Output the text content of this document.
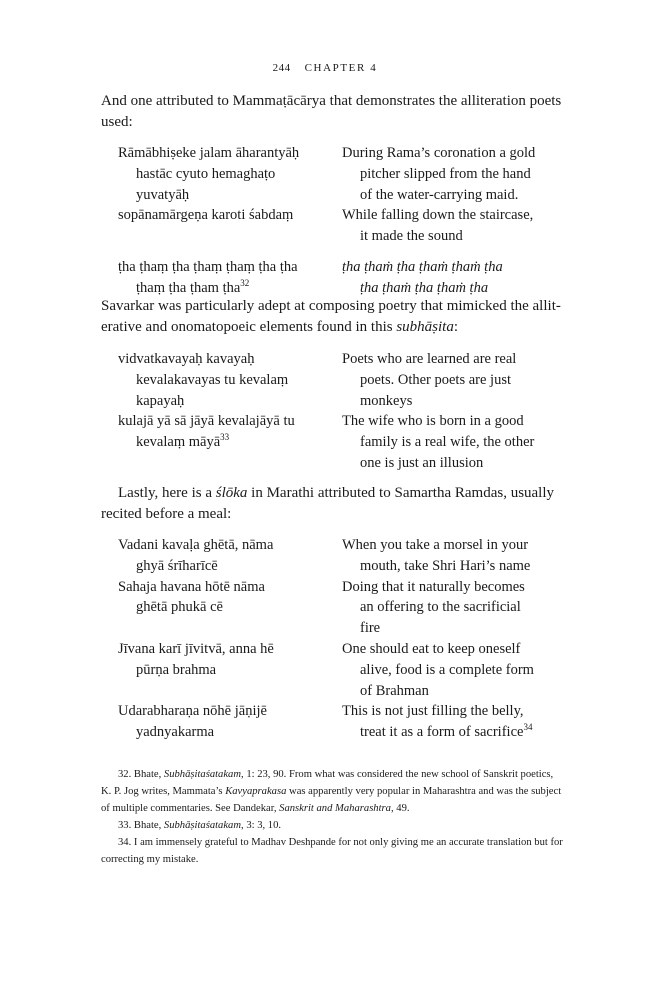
244 CHAPTER 4
And one attributed to Mammaṭācārya that demonstrates the alliteration poets
used:
Rāmābhiṣeke jalam āharantyāḥ
hastāc cyuto hemaghaṭo
yuvatyāḥ
During Rama’s coronation a gold
pitcher slipped from the hand
of the water-carrying maid.
sopānamārgeṇa karoti śabdaṃ	While falling down the staircase,
it made the sound
ṭha ṭhaṃ ṭha ṭhaṃ ṭhaṃ ṭha ṭha
ṭhaṃ ṭha ṭham ṭha$^{32}$
ṭha ṭhaṁ ṭha ṭhaṁ ṭhaṁ ṭha
ṭha ṭhaṁ ṭha ṭhaṁ ṭha
Savarkar was particularly adept at composing poetry that mimicked the allit-
erative and onomatopoeic elements found in this subhāṣita:
vidvatkavayaḥ kavayaḥ
kevalakavayas tu kevalaṃ
kapayaḥ
Poets who are learned are real
poets. Other poets are just
monkeys
kulajā yā sā jāyā kevalajāyā tu
kevalaṃ māyā$^{33}$
The wife who is born in a good
family is a real wife, the other
one is just an illusion
Lastly, here is a ślōka in Marathi attributed to Samartha Ramdas, usually
recited before a meal:
Vadani kavaḷa ghētā, nāma
ghyā śrīharīcē
When you take a morsel in your
mouth, take Shri Hari’s name
Sahaja havana hōtē nāma
ghētā phukā cē
Doing that it naturally becomes
an offering to the sacrificial
fire
Jīvana karī jīvitvā, anna hē
pūrṇa brahma
One should eat to keep oneself
alive, food is a complete form
of Brahman
Udarabharaṇa nōhē jāṇijē
yadnyakarma
This is not just filling the belly,
treat it as a form of sacrifice$^{34}$

32. Bhate, Subhāṣitaśatakam, 1: 23, 90. From what was considered the new school of Sanskrit poetics, K. P. Jog writes, Mammata’s Kavyaprakasa was apparently very popular in Maharashtra and was the subject of multiple commentaries. See Dandekar, Sanskrit and Maharashtra, 49.

33. Bhate, Subhāṣitaśatakam, 3: 3, 10.

34. I am immensely grateful to Madhav Deshpande for not only giving me an accurate translation but for correcting my mistake.
